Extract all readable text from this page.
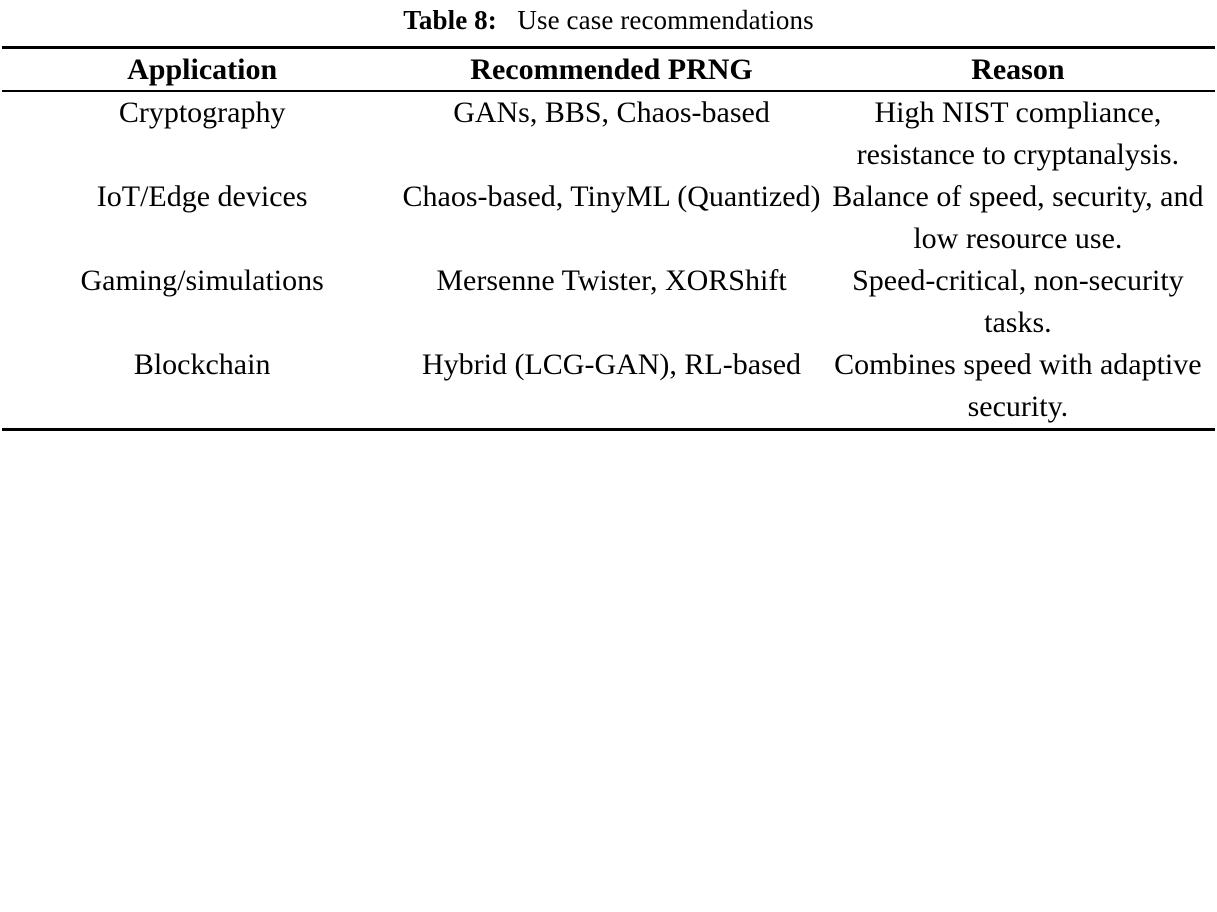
Table 8: Use case recommendations

Application	Recommended PRNG	Reason

Cryptography	GANs, BBS, Chaos-based	High NIST compliance, resistance to cryptanalysis.
IoT/Edge devices	Chaos-based, TinyML (Quantized)	Balance of speed, security, and low resource use.
Gaming/simulations	Mersenne Twister, XORShift	Speed-critical, non-security tasks.
Blockchain	Hybrid (LCG-GAN), RL-based	Combines speed with adaptive security.
